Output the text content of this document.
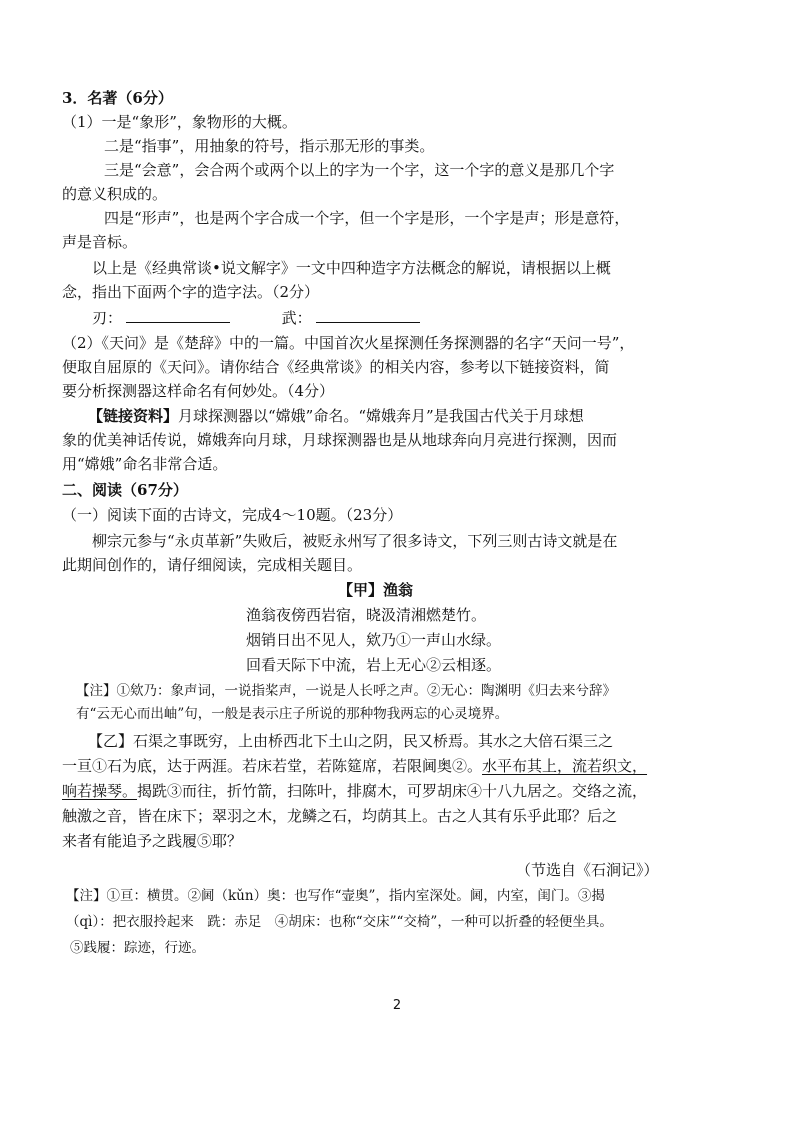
3．名著（6分）
（1）一是“象形”，象物形的大概。
二是“指事”，用抽象的符号，指示那无形的事类。
三是“会意”，会合两个或两个以上的字为一个字，这一个字的意义是那几个字
的意义积成的。
四是“形声”，也是两个字合成一个字，但一个字是形，一个字是声；形是意符，
声是音标。
以上是《经典常谈•说文解字》一文中四种造字方法概念的解说，请根据以上概
念，指出下面两个字的造字法。（2分）
刃：	武：
（2）《天问》是《楚辞》中的一篇。中国首次火星探测任务探测器的名字“天问一号”，
便取自屈原的《天问》。请你结合《经典常谈》的相关内容，参考以下链接资料，简
要分析探测器这样命名有何妙处。（4分）
【链接资料】月球探测器以“嫦娥”命名。“嫦娥奔月”是我国古代关于月球想
象的优美神话传说，嫦娥奔向月球，月球探测器也是从地球奔向月亮进行探测，因而
用“嫦娥”命名非常合适。
二、阅读（67分）
（一）阅读下面的古诗文，完成4～10题。（23分）
柳宗元参与“永贞革新”失败后，被贬永州写了很多诗文，下列三则古诗文就是在
此期间创作的，请仔细阅读，完成相关题目。
【甲】渔翁
渔翁夜傍西岩宿，晓汲清湘燃楚竹。
烟销日出不见人，欸乃①一声山水绿。
回看天际下中流，岩上无心②云相逐。
【注】①欸乃：象声词，一说指桨声，一说是人长呼之声。②无心：陶渊明《归去来兮辞》
有“云无心而出岫”句，一般是表示庄子所说的那种物我两忘的心灵境界。
【乙】石渠之事既穷，上由桥西北下土山之阴，民又桥焉。其水之大倍石渠三之
一亘①石为底，达于两涯。若床若堂，若陈筵席，若限阃奥②。水平布其上，流若织文，
响若操琴。揭跣③而往，折竹箭，扫陈叶，排腐木，可罗胡床④十八九居之。交络之流，
触激之音，皆在床下；翠羽之木，龙鳞之石，均荫其上。古之人其有乐乎此耶？后之
来者有能追予之践履⑤耶？
（节选自《石涧记》）
【注】①亘：横贯。②阃（kǔn）奥：也写作“壸奥”，指内室深处。阃，内室，闺门。③揭
（qì）：把衣服拎起来　跣：赤足　④胡床：也称“交床”“交椅”，一种可以折叠的轻便坐具。
⑤践履：踪迹，行迹。
2
